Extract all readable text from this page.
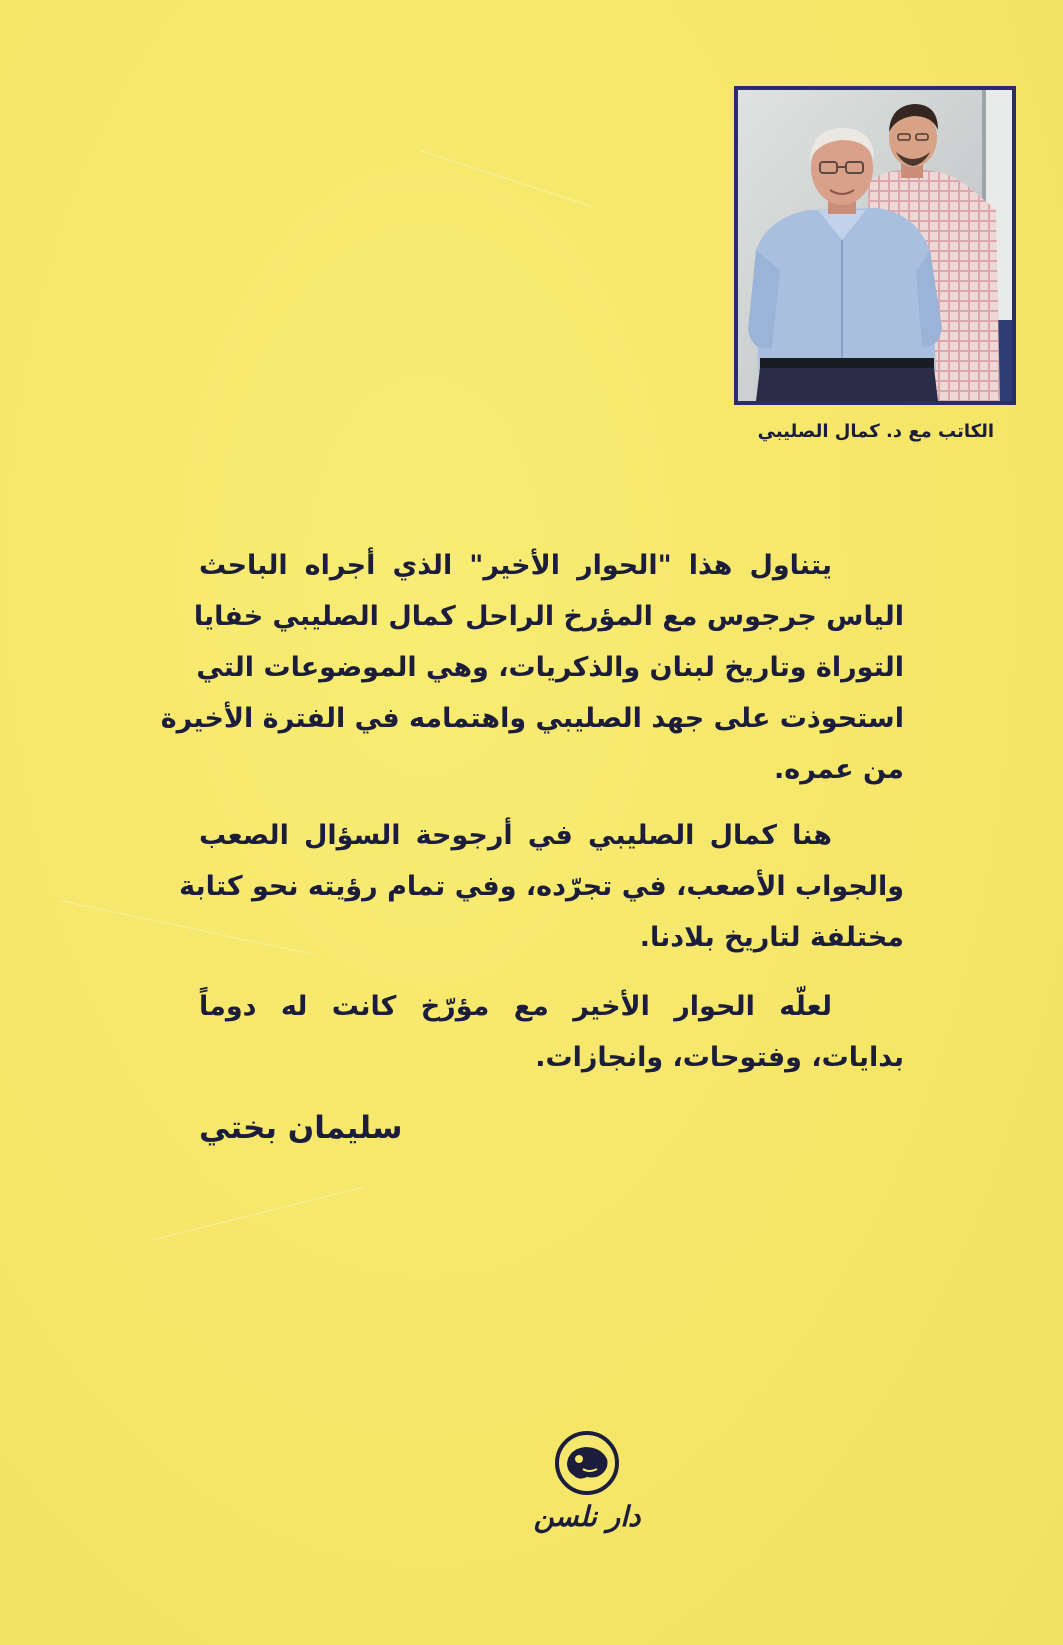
الكاتب مع د. كمال الصليبي
يتناول هذا "الحوار الأخير" الذي أجراه الباحث
الياس جرجوس مع المؤرخ الراحل كمال الصليبي خفايا
التوراة وتاريخ لبنان والذكريات، وهي الموضوعات التي
استحوذت على جهد الصليبي واهتمامه في الفترة الأخيرة
من عمره.
هنا كمال الصليبي في أرجوحة السؤال الصعب
والجواب الأصعب، في تجرّده، وفي تمام رؤيته نحو كتابة
مختلفة لتاريخ بلادنا.
لعلّه الحوار الأخير مع مؤرّخ كانت له دوماً
بدايات، وفتوحات، وانجازات.
سليمان بختي
دار نلسن
